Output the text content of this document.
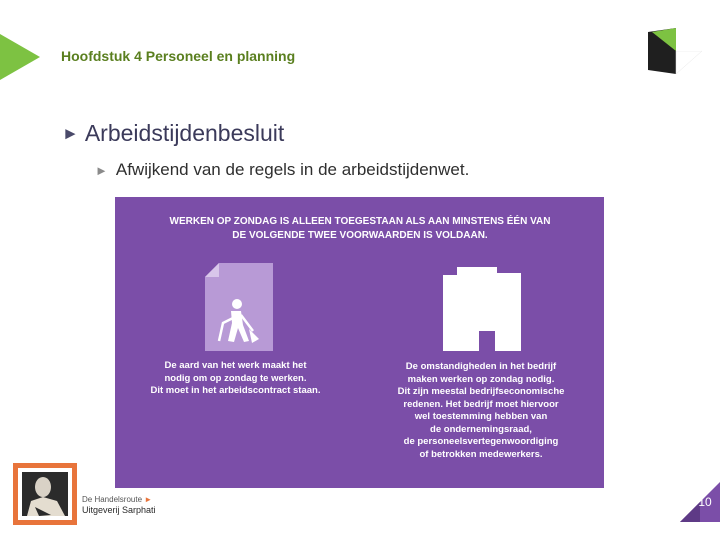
Hoofdstuk 4 Personeel en planning
► Arbeidstijdenbesluit
► Afwijkend van de regels in de arbeidstijdenwet.
WERKEN OP ZONDAG IS ALLEEN TOEGESTAAN ALS AAN MINSTENS ÉÉN VAN
DE VOLGENDE TWEE VOORWAARDEN IS VOLDAAN.
De aard van het werk maakt het
nodig om op zondag te werken.
Dit moet in het arbeidscontract staan.
De omstandigheden in het bedrijf
maken werken op zondag nodig.
Dit zijn meestal bedrijfseconomische
redenen. Het bedrijf moet hiervoor
wel toestemming hebben van
de ondernemingsraad,
de personeelsvertegenwoordiging
of betrokken medewerkers.
De Handelsroute ►
Uitgeverij Sarphati
10
